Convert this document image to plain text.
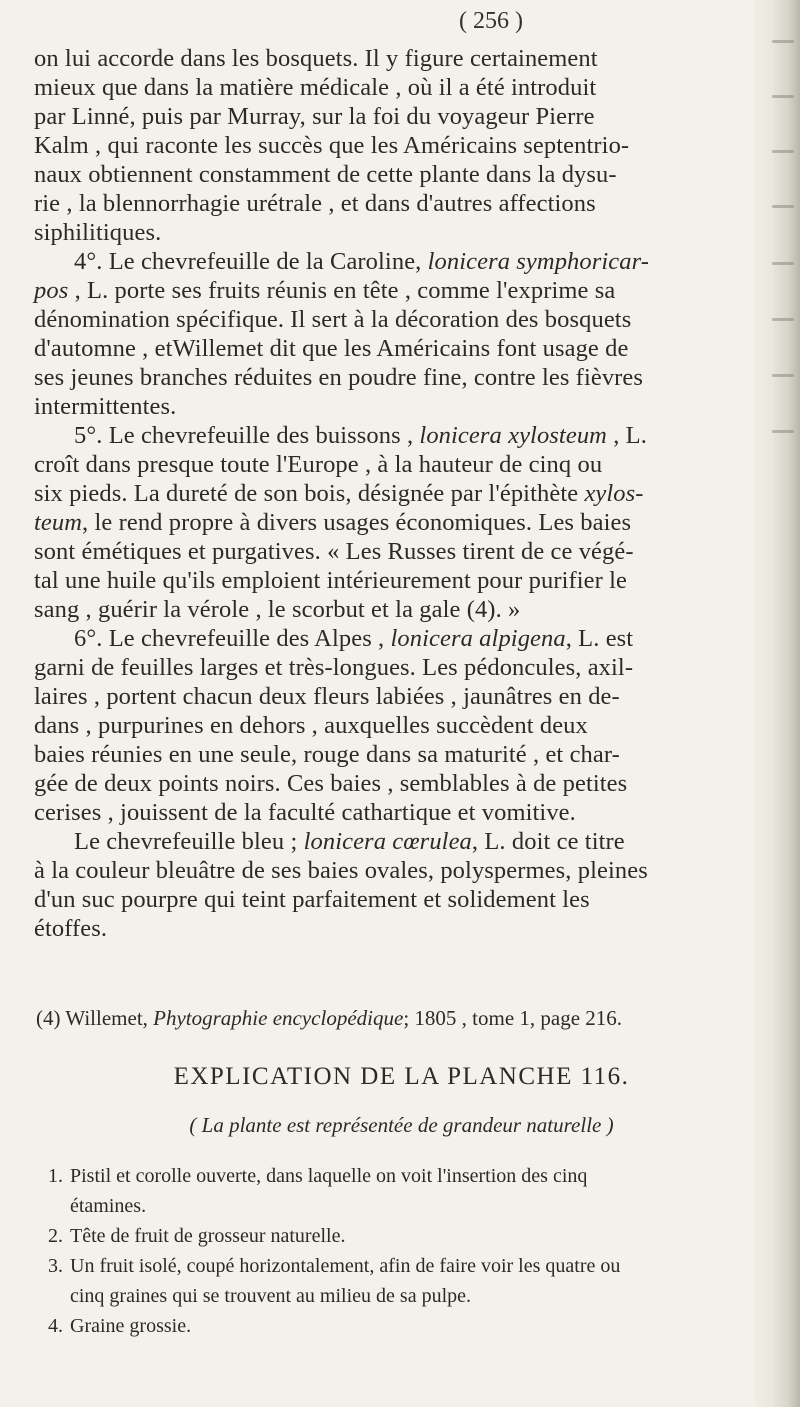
( 256 )
on lui accorde dans les bosquets. Il y figure certainement
mieux que dans la matière médicale , où il a été introduit
par Linné, puis par Murray, sur la foi du voyageur Pierre
Kalm , qui raconte les succès que les Américains septentrio-
naux obtiennent constamment de cette plante dans la dysu-
rie , la blennorrhagie urétrale , et dans d'autres affections
siphilitiques.
4°. Le chevrefeuille de la Caroline, lonicera symphoricar-
pos , L. porte ses fruits réunis en tête , comme l'exprime sa
dénomination spécifique. Il sert à la décoration des bosquets
d'automne , etWillemet dit que les Américains font usage de
ses jeunes branches réduites en poudre fine, contre les fièvres
intermittentes.
5°. Le chevrefeuille des buissons , lonicera xylosteum , L.
croît dans presque toute l'Europe , à la hauteur de cinq ou
six pieds. La dureté de son bois, désignée par l'épithète xylos-
teum, le rend propre à divers usages économiques. Les baies
sont émétiques et purgatives. « Les Russes tirent de ce végé-
tal une huile qu'ils emploient intérieurement pour purifier le
sang , guérir la vérole , le scorbut et la gale (4). »
6°. Le chevrefeuille des Alpes , lonicera alpigena, L. est
garni de feuilles larges et très-longues. Les pédoncules, axil-
laires , portent chacun deux fleurs labiées , jaunâtres en de-
dans , purpurines en dehors , auxquelles succèdent deux
baies réunies en une seule, rouge dans sa maturité , et char-
gée de deux points noirs. Ces baies , semblables à de petites
cerises , jouissent de la faculté cathartique et vomitive.
Le chevrefeuille bleu ; lonicera cœrulea, L. doit ce titre
à la couleur bleuâtre de ses baies ovales, polyspermes, pleines
d'un suc pourpre qui teint parfaitement et solidement les
étoffes.
(4) Willemet, Phytographie encyclopédique; 1805 , tome 1, page 216.
EXPLICATION DE LA PLANCHE 116.
( La plante est représentée de grandeur naturelle )
1. Pistil et corolle ouverte, dans laquelle on voit l'insertion des cinq
étamines.
2. Tête de fruit de grosseur naturelle.
3. Un fruit isolé, coupé horizontalement, afin de faire voir les quatre ou
cinq graines qui se trouvent au milieu de sa pulpe.
4. Graine grossie.
